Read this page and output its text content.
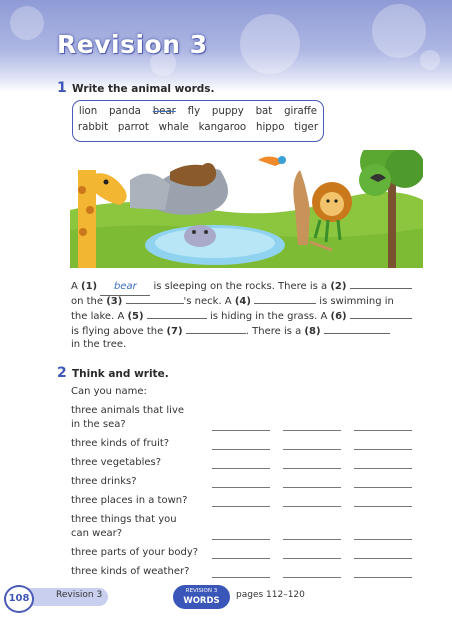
Revision 3
1 Write the animal words.
lion panda bear fly puppy bat giraffe
rabbit parrot whale kangaroo hippo tiger
A (1) bear is sleeping on the rocks. There is a (2)
on the (3)	's neck. A (4)	is swimming in
the lake. A (5)	is hiding in the grass. A (6)
is flying above the (7)	. There is a (8)
in the tree.
2 Think and write.
Can you name:
three animals that live
in the sea?
three kinds of fruit?
three vegetables?
three drinks?
three places in a town?
three things that you
can wear?
three parts of your body?
three kinds of weather?
108	Revision 3	REVISION 3
WORDS
pages 112–120
